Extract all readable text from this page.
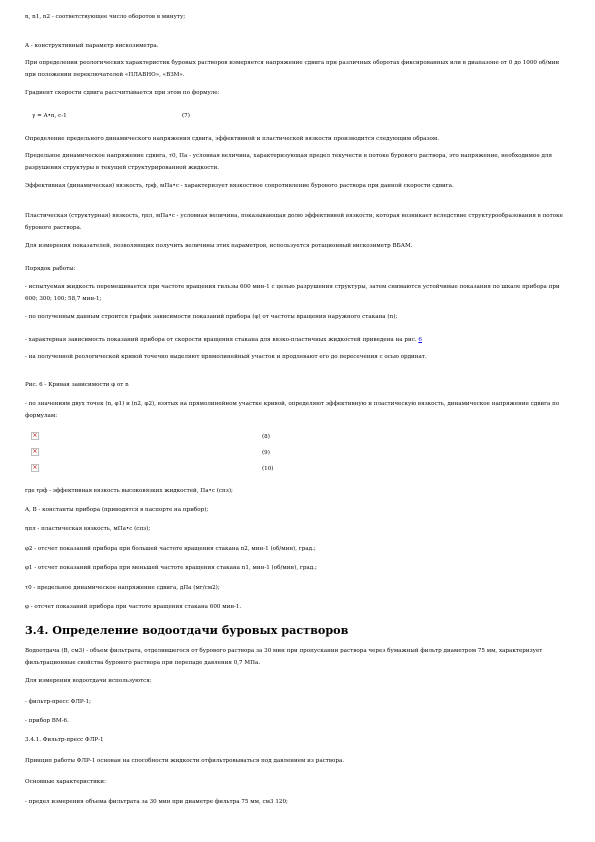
n, n1, n2 - соответствующее число оборотов в минуту;
A - конструктивный параметр вискозиметра.
При определении реологических характеристик буровых растворов измеряется напряжение сдвига при различных оборотах фиксированных или в диапазоне от 0 до 1000 об/мин при положении переключателей «ПЛАВНО», «ВЗМ».
Градиент скорости сдвига рассчитывается при этом по формуле:
γ = A•n, с-1	(7)
Определение предельного динамического напряжения сдвига, эффективной и пластической вязкости производится следующим образом.
Предельное динамическое напряжение сдвига, τ0, Па - условная величина, характеризующая предел текучести в потоке бурового раствора, это напряжение, необходимое для разрушения структуры в текущей структурированной жидкости.
Эффективная (динамическая) вязкость, ηэф, мПа•с - характеризует вязкостное сопротивление бурового раствора при данной скорости сдвига.
Пластическая (структурная) вязкость, ηпл, мПа•с - условная величина, показывающая долю эффективной вязкости, которая возникает вследствие структурообразования в потоке бурового раствора.
Для измерения показателей, позволяющих получить величины этих параметров, используется ротационный вискозиметр ВБАМ.
Порядок работы:
- испытуемая жидкость перемешивается при частоте вращения гильзы 600 мин-1 с целью разрушения структуры, затем снимаются устойчивые показания по шкале прибора при 600; 300; 100; 58,7 мин-1;
- по полученным данным строится график зависимости показаний прибора (φ) от частоты вращения наружного стакана (n);
- характерная зависимость показаний прибора от скорости вращения стакана для вязко-пластичных жидкостей приведена на рис. 6
- на полученной реологической кривой точечно выделяют прямолинейный участок и продлевают его до пересечения с осью ординат.
Рис. 6 - Кривая зависимости φ от n
- по значениям двух точек (n, φ1) и (n2, φ2), взятых на прямолинейном участке кривой, определяют эффективную и пластическую вязкость, динамическое напряжение сдвига по формулам:
×	(8)
×	(9)
×	(10)
где ηэф - эффективная вязкость высоковязких жидкостей, Па•с (спз);
A, B - константы прибора (приводятся в паспорте на прибор);
ηпл - пластическая вязкость, мПа•с (спз);
φ2 - отсчет показаний прибора при большей частоте вращения стакана n2, мин-1 (об/мин), град.;
φ1 - отсчет показаний прибора при меньшей частоте вращения стакана n1, мин-1 (об/мин), град.;
τ0 - предельное динамическое напряжение сдвига, дПа (мг/см2);
φ - отсчет показаний прибора при частоте вращения стакана 600 мин-1.
3.4. Определение водоотдачи буровых растворов
Водоотдача (В, см3) - объем фильтрата, отделившегося от бурового раствора за 30 мин при пропускании раствора через бумажный фильтр диаметром 75 мм, характеризует фильтрационные свойства бурового раствора при перепаде давления 0,7 МПа.
Для измерения водоотдачи используются:
- фильтр-пресс ФЛР-1;
- прибор ВМ-6.
3.4.1. Фильтр-пресс ФЛР-1
Принцип работы ФЛР-1 основан на способности жидкости отфильтровываться под давлением из раствора.
Основные характеристики:
- предел измерения объема фильтрата за 30 мин при диаметре фильтра 75 мм, см3 120;
